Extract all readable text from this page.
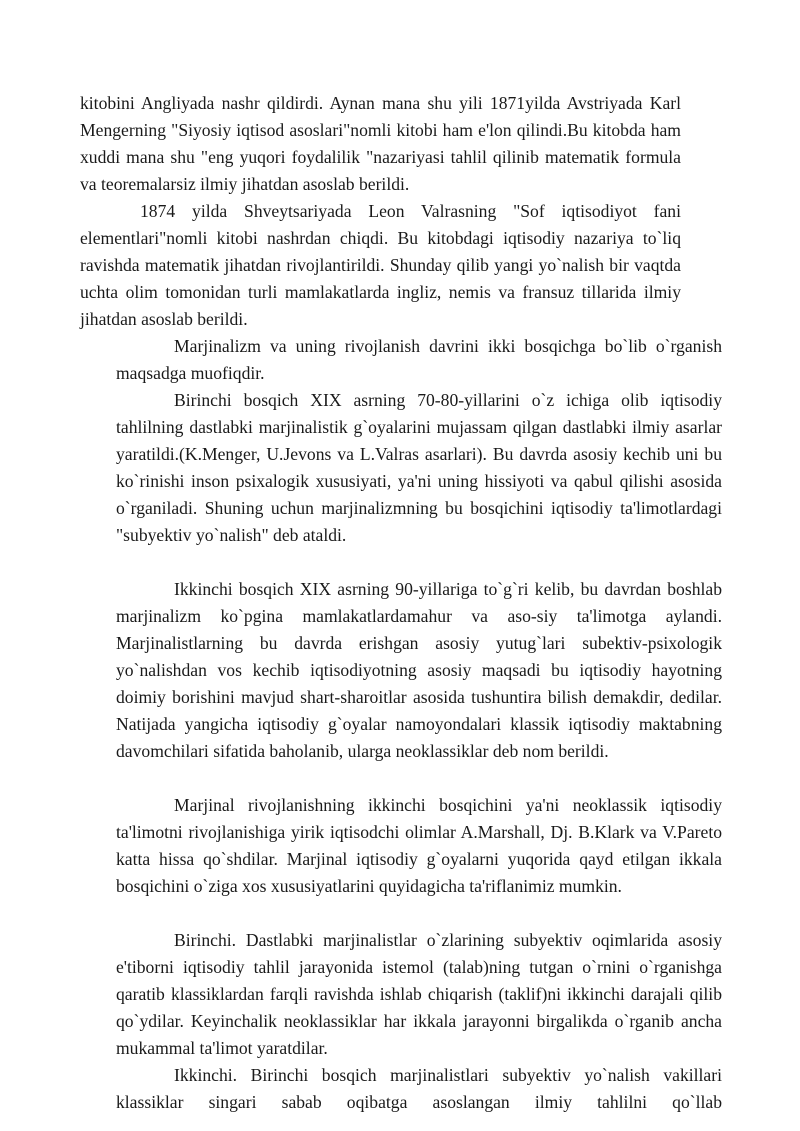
kitobini Angliyada nashr qildirdi. Aynan mana shu yili 1871yilda Avstriyada Karl Mengerning "Siyosiy iqtisod asoslari"nomli kitobi ham e'lon qilindi.Bu kitobda ham xuddi mana shu "eng yuqori foydalilik "nazariyasi tahlil qilinib matematik formula va teoremalarsiz ilmiy jihatdan asoslab berildi.

1874 yilda Shveytsariyada Leon Valrasning "Sof iqtisodiyot fani elementlari"nomli kitobi nashrdan chiqdi. Bu kitobdagi iqtisodiy nazariya to`liq ravishda matematik jihatdan rivojlantirildi. Shunday qilib yangi yo`nalish bir vaqtda uchta olim tomonidan turli mamlakatlarda ingliz, nemis va fransuz tillarida ilmiy jihatdan asoslab berildi.

Marjinalizm va uning rivojlanish davrini ikki bosqichga bo`lib o`rganish maqsadga muofiqdir.

Birinchi bosqich XIX asrning 70-80-yillarini o`z ichiga olib iqtisodiy tahlilning dastlabki marjinalistik g`oyalarini mujassam qilgan dastlabki ilmiy asarlar yaratildi.(K.Menger, U.Jevons va L.Valras asarlari). Bu davrda asosiy kechib uni bu ko`rinishi inson psixalogik xususiyati, ya'ni uning hissiyoti va qabul qilishi asosida o`rganiladi. Shuning uchun marjinalizmning bu bosqichini iqtisodiy ta'limotlardagi "subyektiv yo`nalish" deb ataldi.

Ikkinchi bosqich XIX asrning 90-yillariga to`g`ri kelib, bu davrdan boshlab marjinalizm ko`pgina mamlakatlardamahur va aso-siy ta'limotga aylandi. Marjinalistlarning bu davrda erishgan asosiy yutug`lari subektiv-psixologik yo`nalishdan vos kechib iqtisodiyotning asosiy maqsadi bu iqtisodiy hayotning doimiy borishini mavjud shart-sharoitlar asosida tushuntira bilish demakdir, dedilar. Natijada yangicha iqtisodiy g`oyalar namoyondalari klassik iqtisodiy maktabning davomchilari sifatida baholanib, ularga neoklassiklar deb nom berildi.

Marjinal rivojlanishning ikkinchi bosqichini ya'ni neoklassik iqtisodiy ta'limotni rivojlanishiga yirik iqtisodchi olimlar A.Marshall, Dj. B.Klark va V.Pareto katta hissa qo`shdilar. Marjinal iqtisodiy g`oyalarni yuqorida qayd etilgan ikkala bosqichini o`ziga xos xususiyatlarini quyidagicha ta'riflanimiz mumkin.

Birinchi. Dastlabki marjinalistlar o`zlarining subyektiv oqimlarida asosiy e'tiborni iqtisodiy tahlil jarayonida istemol (talab)ning tutgan o`rnini o`rganishga qaratib klassiklardan farqli ravishda ishlab chiqarish (taklif)ni ikkinchi darajali qilib qo`ydilar. Keyinchalik neoklassiklar har ikkala jarayonni birgalikda o`rganib ancha mukammal ta'limot yaratdilar.

Ikkinchi. Birinchi bosqich marjinalistlari subyektiv yo`nalish vakillari klassiklar singari sabab oqibatga asoslangan ilmiy tahlilni qo`llab
